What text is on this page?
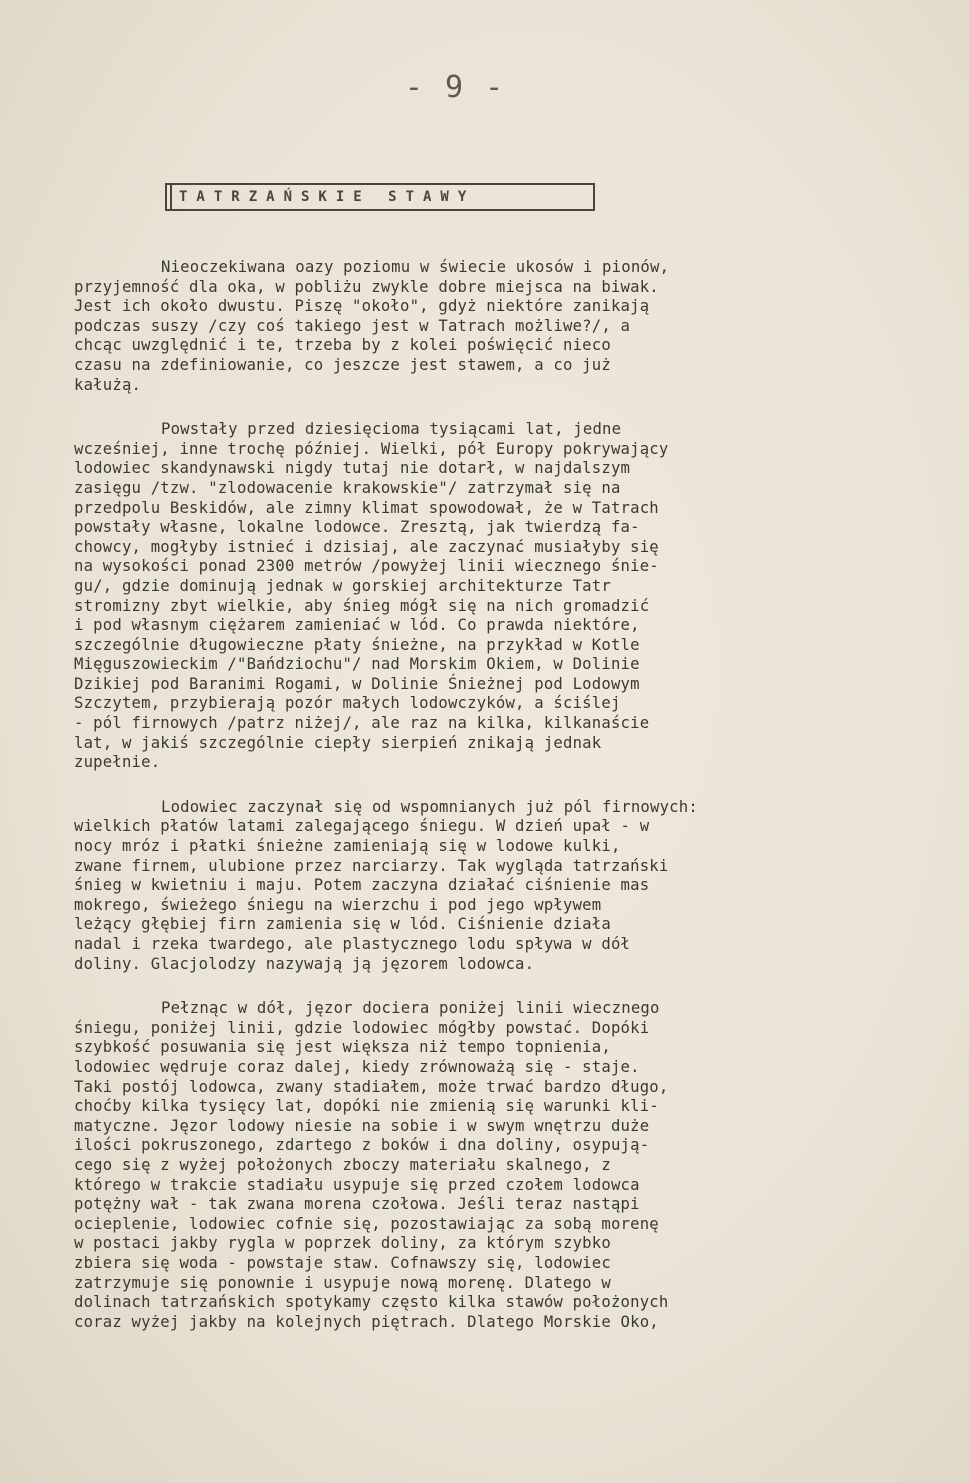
- 9 -
TATRZAŃSKIE STAWY
Nieoczekiwana oazy poziomu w świecie ukosów i pionów,
przyjemność dla oka, w pobliżu zwykle dobre miejsca na biwak.
Jest ich około dwustu. Piszę "około", gdyż niektóre zanikają
podczas suszy /czy coś takiego jest w Tatrach możliwe?/, a
chcąc uwzględnić i te, trzeba by z kolei poświęcić nieco
czasu na zdefiniowanie, co jeszcze jest stawem, a co już
kałużą.
Powstały przed dziesięcioma tysiącami lat, jedne
wcześniej, inne trochę później. Wielki, pół Europy pokrywający
lodowiec skandynawski nigdy tutaj nie dotarł, w najdalszym
zasięgu /tzw. "zlodowacenie krakowskie"/ zatrzymał się na
przedpolu Beskidów, ale zimny klimat spowodował, że w Tatrach
powstały własne, lokalne lodowce. Zresztą, jak twierdzą fa-
chowcy, mogłyby istnieć i dzisiaj, ale zaczynać musiałyby się
na wysokości ponad 2300 metrów /powyżej linii wiecznego śnie-
gu/, gdzie dominują jednak w gorskiej architekturze Tatr
stromizny zbyt wielkie, aby śnieg mógł się na nich gromadzić
i pod własnym ciężarem zamieniać w lód. Co prawda niektóre,
szczególnie długowieczne płaty śnieżne, na przykład w Kotle
Mięguszowieckim /"Bańdziochu"/ nad Morskim Okiem, w Dolinie
Dzikiej pod Baranimi Rogami, w Dolinie Śnieżnej pod Lodowym
Szczytem, przybierają pozór małych lodowczyków, a ściślej
- pól firnowych /patrz niżej/, ale raz na kilka, kilkanaście
lat, w jakiś szczególnie ciepły sierpień znikają jednak
zupełnie.
Lodowiec zaczynał się od wspomnianych już pól firnowych:
wielkich płatów latami zalegającego śniegu. W dzień upał - w
nocy mróz i płatki śnieżne zamieniają się w lodowe kulki,
zwane firnem, ulubione przez narciarzy. Tak wygląda tatrzański
śnieg w kwietniu i maju. Potem zaczyna działać ciśnienie mas
mokrego, świeżego śniegu na wierzchu i pod jego wpływem
leżący głębiej firn zamienia się w lód. Ciśnienie działa
nadal i rzeka twardego, ale plastycznego lodu spływa w dół
doliny. Glacjolodzy nazywają ją jęzorem lodowca.
Pełznąc w dół, jęzor dociera poniżej linii wiecznego
śniegu, poniżej linii, gdzie lodowiec mógłby powstać. Dopóki
szybkość posuwania się jest większa niż tempo topnienia,
lodowiec wędruje coraz dalej, kiedy zrównoważą się - staje.
Taki postój lodowca, zwany stadiałem, może trwać bardzo długo,
choćby kilka tysięcy lat, dopóki nie zmienią się warunki kli-
matyczne. Jęzor lodowy niesie na sobie i w swym wnętrzu duże
ilości pokruszonego, zdartego z boków i dna doliny, osypują-
cego się z wyżej położonych zboczy materiału skalnego, z
którego w trakcie stadiału usypuje się przed czołem lodowca
potężny wał - tak zwana morena czołowa. Jeśli teraz nastąpi
ocieplenie, lodowiec cofnie się, pozostawiając za sobą morenę
w postaci jakby rygla w poprzek doliny, za którym szybko
zbiera się woda - powstaje staw. Cofnawszy się, lodowiec
zatrzymuje się ponownie i usypuje nową morenę. Dlatego w
dolinach tatrzańskich spotykamy często kilka stawów położonych
coraz wyżej jakby na kolejnych piętrach. Dlatego Morskie Oko,
